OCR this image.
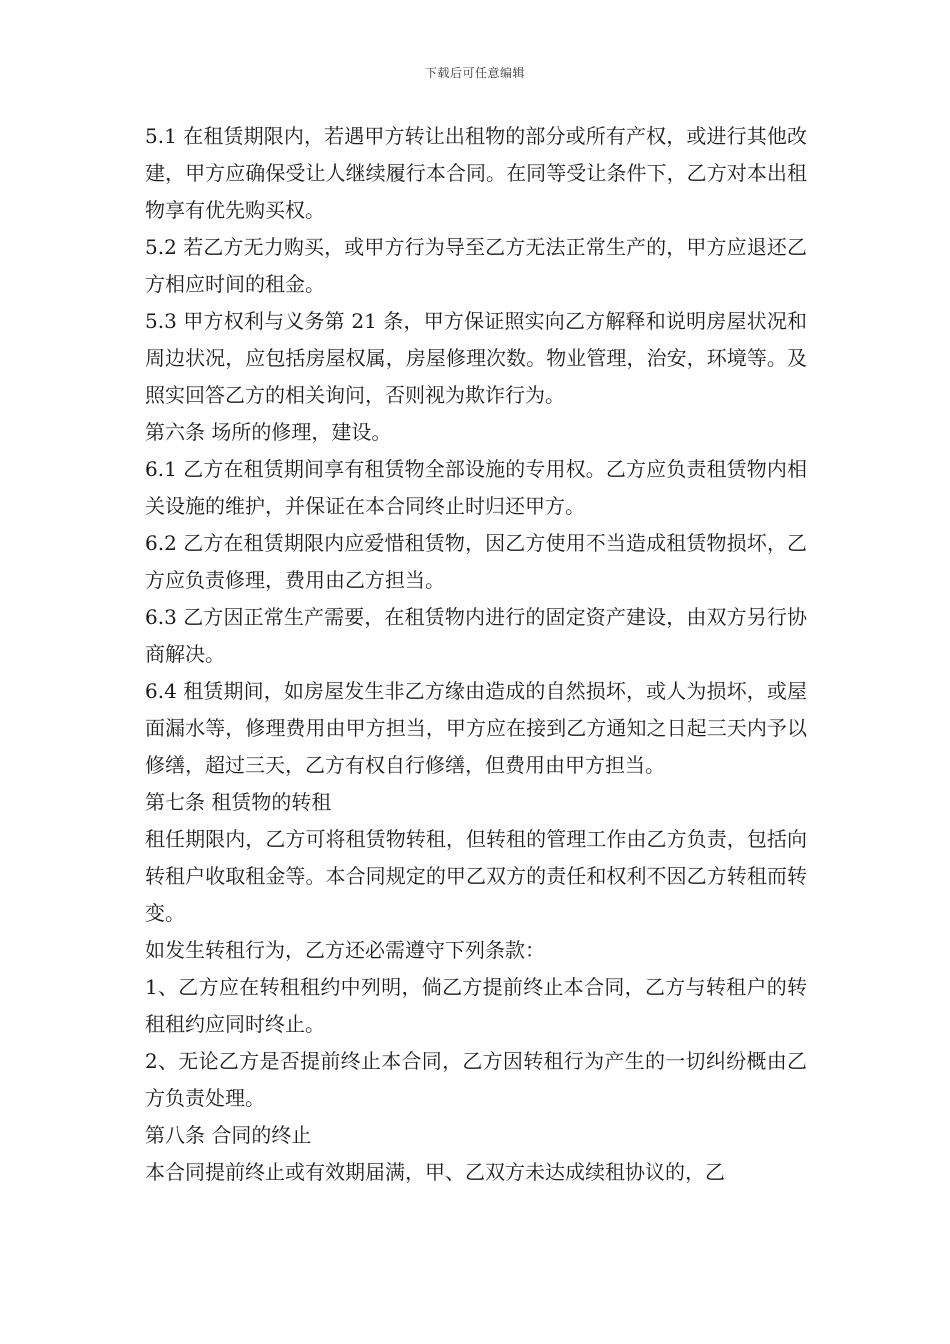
下载后可任意编辑

5.1 在租赁期限内，若遇甲方转让出租物的部分或所有产权，或进行其他改建，甲方应确保受让人继续履行本合同。在同等受让条件下，乙方对本出租物享有优先购买权。

5.2 若乙方无力购买，或甲方行为导至乙方无法正常生产的，甲方应退还乙方相应时间的租金。

5.3 甲方权利与义务第 21 条，甲方保证照实向乙方解释和说明房屋状况和周边状况，应包括房屋权属，房屋修理次数。物业管理，治安，环境等。及照实回答乙方的相关询问，否则视为欺诈行为。

第六条 场所的修理，建设。

6.1 乙方在租赁期间享有租赁物全部设施的专用权。乙方应负责租赁物内相关设施的维护，并保证在本合同终止时归还甲方。

6.2 乙方在租赁期限内应爱惜租赁物，因乙方使用不当造成租赁物损坏，乙方应负责修理，费用由乙方担当。

6.3 乙方因正常生产需要，在租赁物内进行的固定资产建设，由双方另行协商解决。

6.4 租赁期间，如房屋发生非乙方缘由造成的自然损坏，或人为损坏，或屋面漏水等，修理费用由甲方担当，甲方应在接到乙方通知之日起三天内予以修缮，超过三天，乙方有权自行修缮，但费用由甲方担当。

第七条 租赁物的转租

租任期限内，乙方可将租赁物转租，但转租的管理工作由乙方负责，包括向转租户收取租金等。本合同规定的甲乙双方的责任和权利不因乙方转租而转变。

如发生转租行为，乙方还必需遵守下列条款：

1、乙方应在转租租约中列明，倘乙方提前终止本合同，乙方与转租户的转租租约应同时终止。

2、无论乙方是否提前终止本合同，乙方因转租行为产生的一切纠纷概由乙方负责处理。

第八条 合同的终止

本合同提前终止或有效期届满，甲、乙双方未达成续租协议的，乙
